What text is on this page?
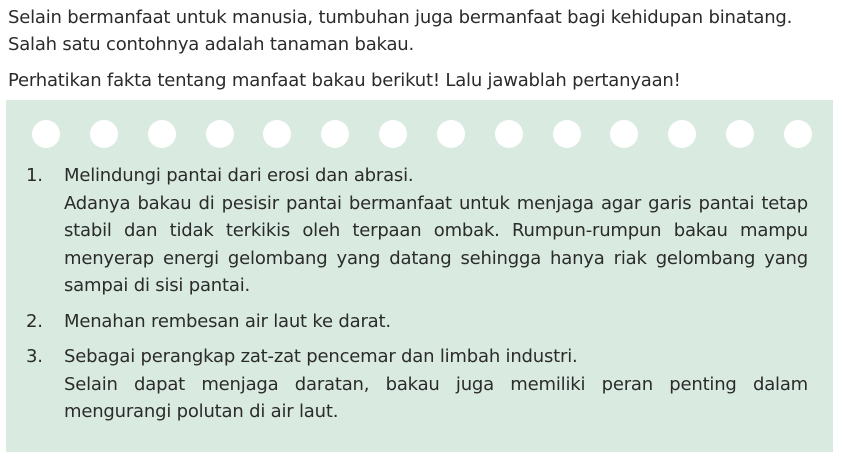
Selain bermanfaat untuk manusia, tumbuhan juga bermanfaat bagi kehidupan binatang. Salah satu contohnya adalah tanaman bakau.

Perhatikan fakta tentang manfaat bakau berikut! Lalu jawablah pertanyaan!

1.	Melindungi pantai dari erosi dan abrasi.
Adanya bakau di pesisir pantai bermanfaat untuk menjaga agar garis pantai tetap stabil dan tidak terkikis oleh terpaan ombak. Rumpun-rumpun bakau mampu menyerap energi gelombang yang datang sehingga hanya riak gelombang yang sampai di sisi pantai.
2.	Menahan rembesan air laut ke darat.
3.	Sebagai perangkap zat-zat pencemar dan limbah industri.
Selain dapat menjaga daratan, bakau juga memiliki peran penting dalam mengurangi polutan di air laut.
